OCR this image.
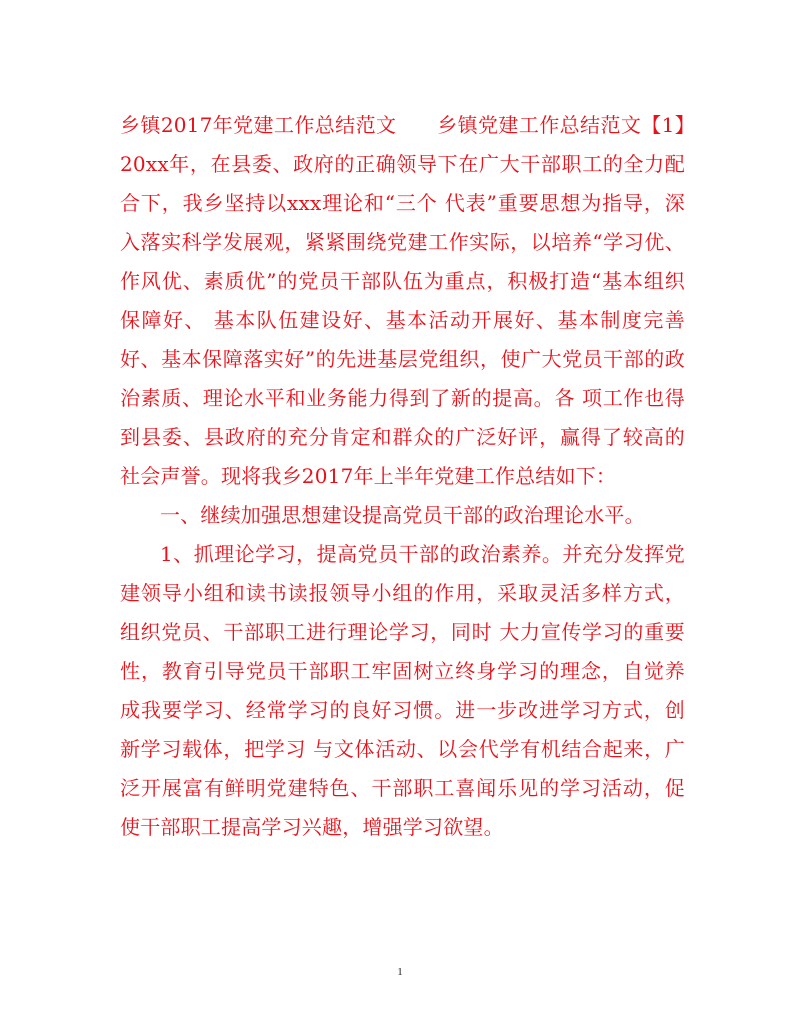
乡镇2017年党建工作总结范文　　乡镇党建工作总结范文【1】　　20xx年，在县委、政府的正确领导下在广大干部职工的全力配合下，我乡坚持以xxx理论和“三个 代表”重要思想为指导，深入落实科学发展观，紧紧围绕党建工作实际，以培养“学习优、作风优、素质优”的党员干部队伍为重点，积极打造“基本组织保障好、 基本队伍建设好、基本活动开展好、基本制度完善好、基本保障落实好”的先进基层党组织，使广大党员干部的政治素质、理论水平和业务能力得到了新的提高。各 项工作也得到县委、县政府的充分肯定和群众的广泛好评，赢得了较高的社会声誉。现将我乡2017年上半年党建工作总结如下：

一、继续加强思想建设提高党员干部的政治理论水平。

1、抓理论学习，提高党员干部的政治素养。并充分发挥党建领导小组和读书读报领导小组的作用，采取灵活多样方式，组织党员、干部职工进行理论学习，同时 大力宣传学习的重要性，教育引导党员干部职工牢固树立终身学习的理念，自觉养成我要学习、经常学习的良好习惯。进一步改进学习方式，创新学习载体，把学习 与文体活动、以会代学有机结合起来，广泛开展富有鲜明党建特色、干部职工喜闻乐见的学习活动，促使干部职工提高学习兴趣，增强学习欲望。

1
